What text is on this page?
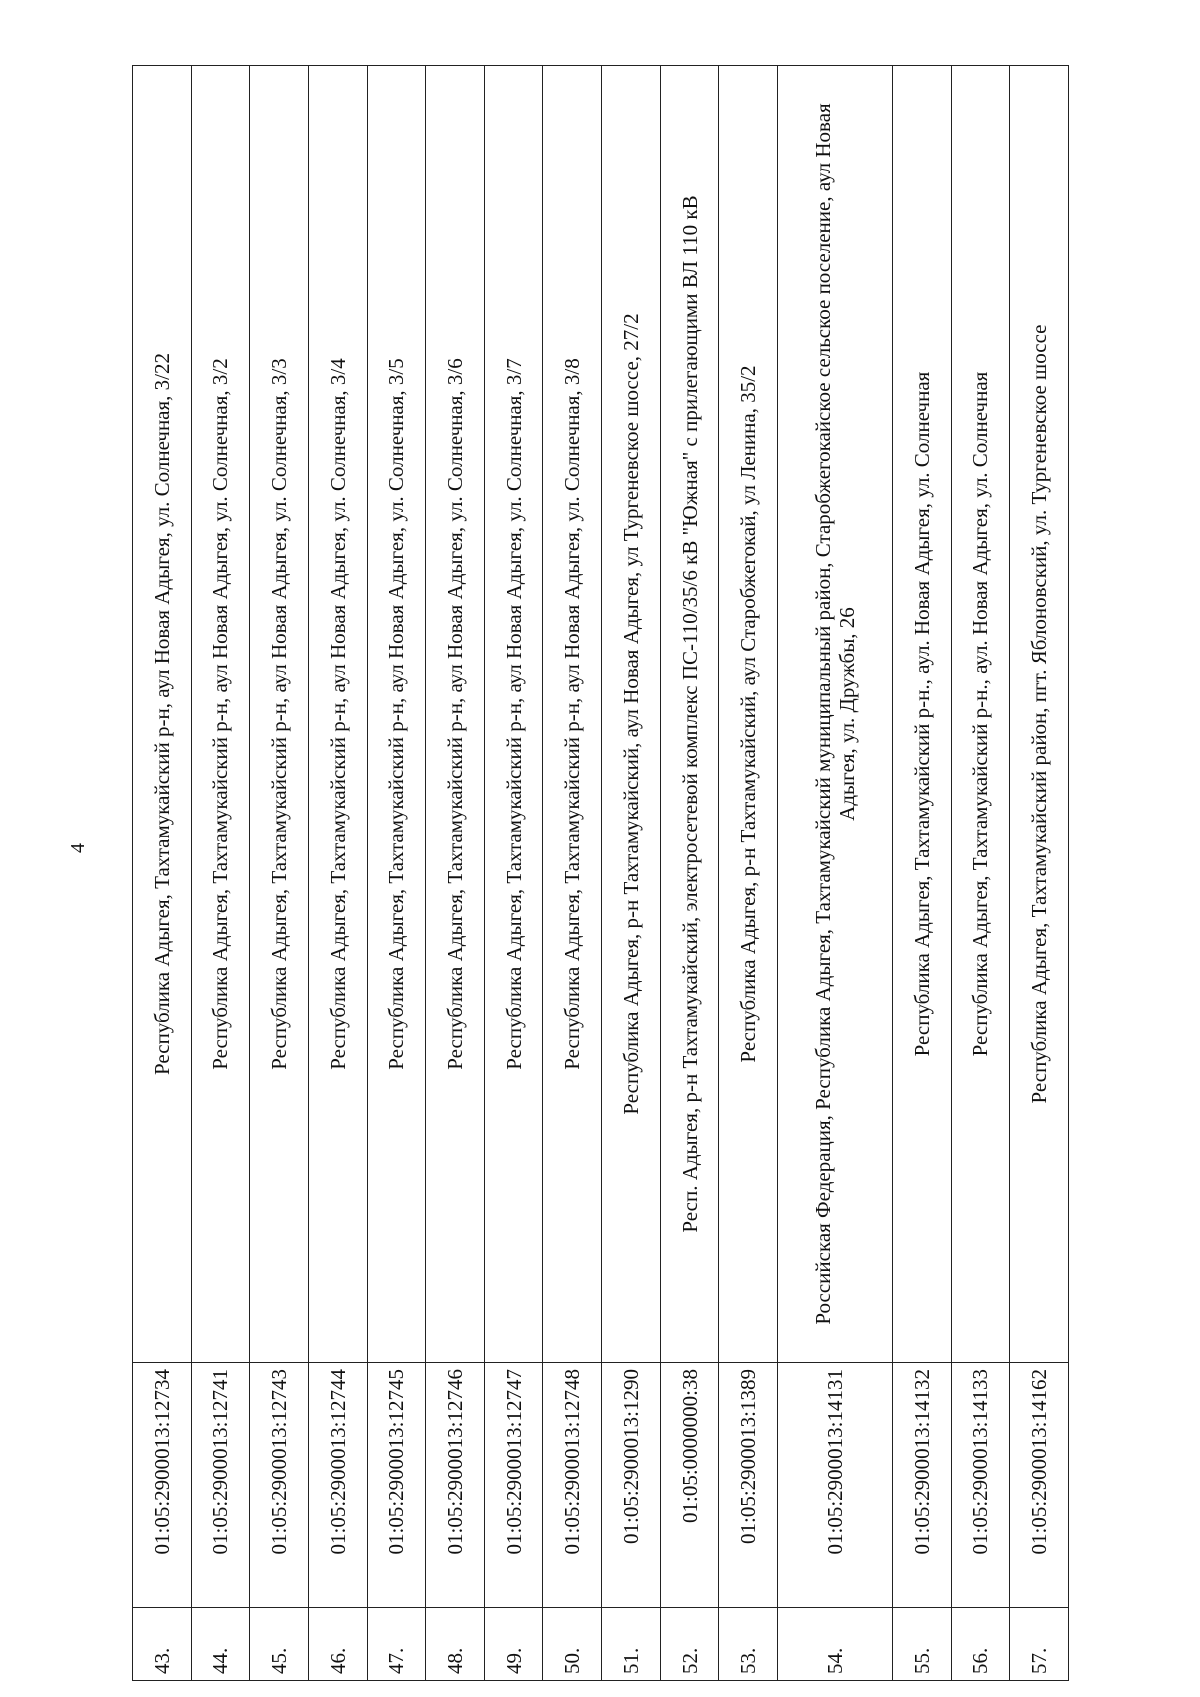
4
43.	01:05:2900013:12734	Республика Адыгея, Тахтамукайский р-н, аул Новая Адыгея, ул. Солнечная, 3/22
44.	01:05:2900013:12741	Республика Адыгея, Тахтамукайский р-н, аул Новая Адыгея, ул. Солнечная, 3/2
45.	01:05:2900013:12743	Республика Адыгея, Тахтамукайский р-н, аул Новая Адыгея, ул. Солнечная, 3/3
46.	01:05:2900013:12744	Республика Адыгея, Тахтамукайский р-н, аул Новая Адыгея, ул. Солнечная, 3/4
47.	01:05:2900013:12745	Республика Адыгея, Тахтамукайский р-н, аул Новая Адыгея, ул. Солнечная, 3/5
48.	01:05:2900013:12746	Республика Адыгея, Тахтамукайский р-н, аул Новая Адыгея, ул. Солнечная, 3/6
49.	01:05:2900013:12747	Республика Адыгея, Тахтамукайский р-н, аул Новая Адыгея, ул. Солнечная, 3/7
50.	01:05:2900013:12748	Республика Адыгея, Тахтамукайский р-н, аул Новая Адыгея, ул. Солнечная, 3/8
51.	01:05:2900013:1290	Республика Адыгея, р-н Тахтамукайский, аул Новая Адыгея, ул Тургеневское шоссе, 27/2
52.	01:05:0000000:38	Респ. Адыгея, р-н Тахтамукайский, электросетевой комплекс ПС-110/35/6 кВ "Южная" с прилегающими ВЛ 110 кВ
53.	01:05:2900013:1389	Республика Адыгея, р-н Тахтамукайский, аул Старобжегокай, ул Ленина, 35/2
54.	01:05:2900013:14131	Российская Федерация, Республика Адыгея, Тахтамукайский муниципальный район, Старобжегокайское сельское поселение, аул Новая Адыгея, ул. Дружбы, 26
55.	01:05:2900013:14132	Республика Адыгея, Тахтамукайский р-н., аул. Новая Адыгея, ул. Солнечная
56.	01:05:2900013:14133	Республика Адыгея, Тахтамукайский р-н., аул. Новая Адыгея, ул. Солнечная
57.	01:05:2900013:14162	Республика Адыгея, Тахтамукайский район, пгт. Яблоновский, ул. Тургеневское шоссе
